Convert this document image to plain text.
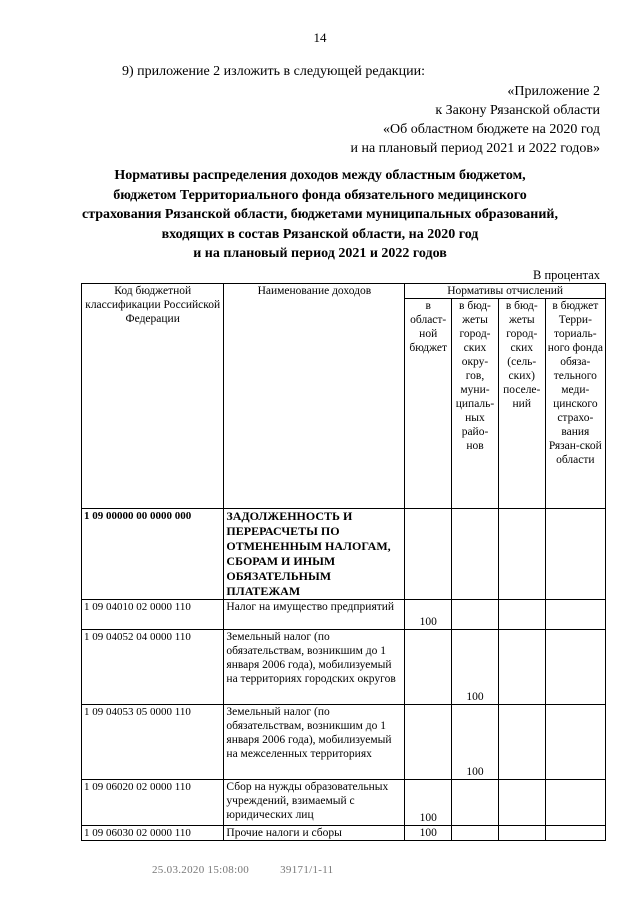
14
9) приложение 2 изложить в следующей редакции:
«Приложение 2
к Закону Рязанской области
«Об областном бюджете на 2020 год
и на плановый период 2021 и 2022 годов»
Нормативы распределения доходов между областным бюджетом,
бюджетом Территориального фонда обязательного медицинского
страхования Рязанской области, бюджетами муниципальных образований,
входящих в состав Рязанской области, на 2020 год
и на плановый период 2021 и 2022 годов
В процентах
Код бюджетной классификации Российской Федерации	Наименование доходов	Нормативы отчислений			
		в област-ной бюджет	в бюд-жеты город-ских окру-гов, муни-ципаль-ных райо-нов	в бюд-жеты город-ских (сель-ских) поселе-ний	в бюджет Терри-ториаль-ного фонда обяза-тельного меди-цинского страхо-вания Рязан-ской области
1 09 00000 00 0000 000	ЗАДОЛЖЕННОСТЬ И ПЕРЕРАСЧЕТЫ ПО ОТМЕНЕННЫМ НАЛОГАМ, СБОРАМ И ИНЫМ ОБЯЗАТЕЛЬНЫМ ПЛАТЕЖАМ				
1 09 04010 02 0000 110	Налог на имущество предприятий	100			
1 09 04052 04 0000 110	Земельный налог (по обязательствам, возникшим до 1 января 2006 года), мобилизуемый на территориях городских округов		100		
1 09 04053 05 0000 110	Земельный налог (по обязательствам, возникшим до 1 января 2006 года), мобилизуемый на межселенных территориях		100		
1 09 06020 02 0000 110	Сбор на нужды образовательных учреждений, взимаемый с юридических лиц	100			
1 09 06030 02 0000 110	Прочие налоги и сборы	100			
25.03.2020 15:08:00	39171/1-11
